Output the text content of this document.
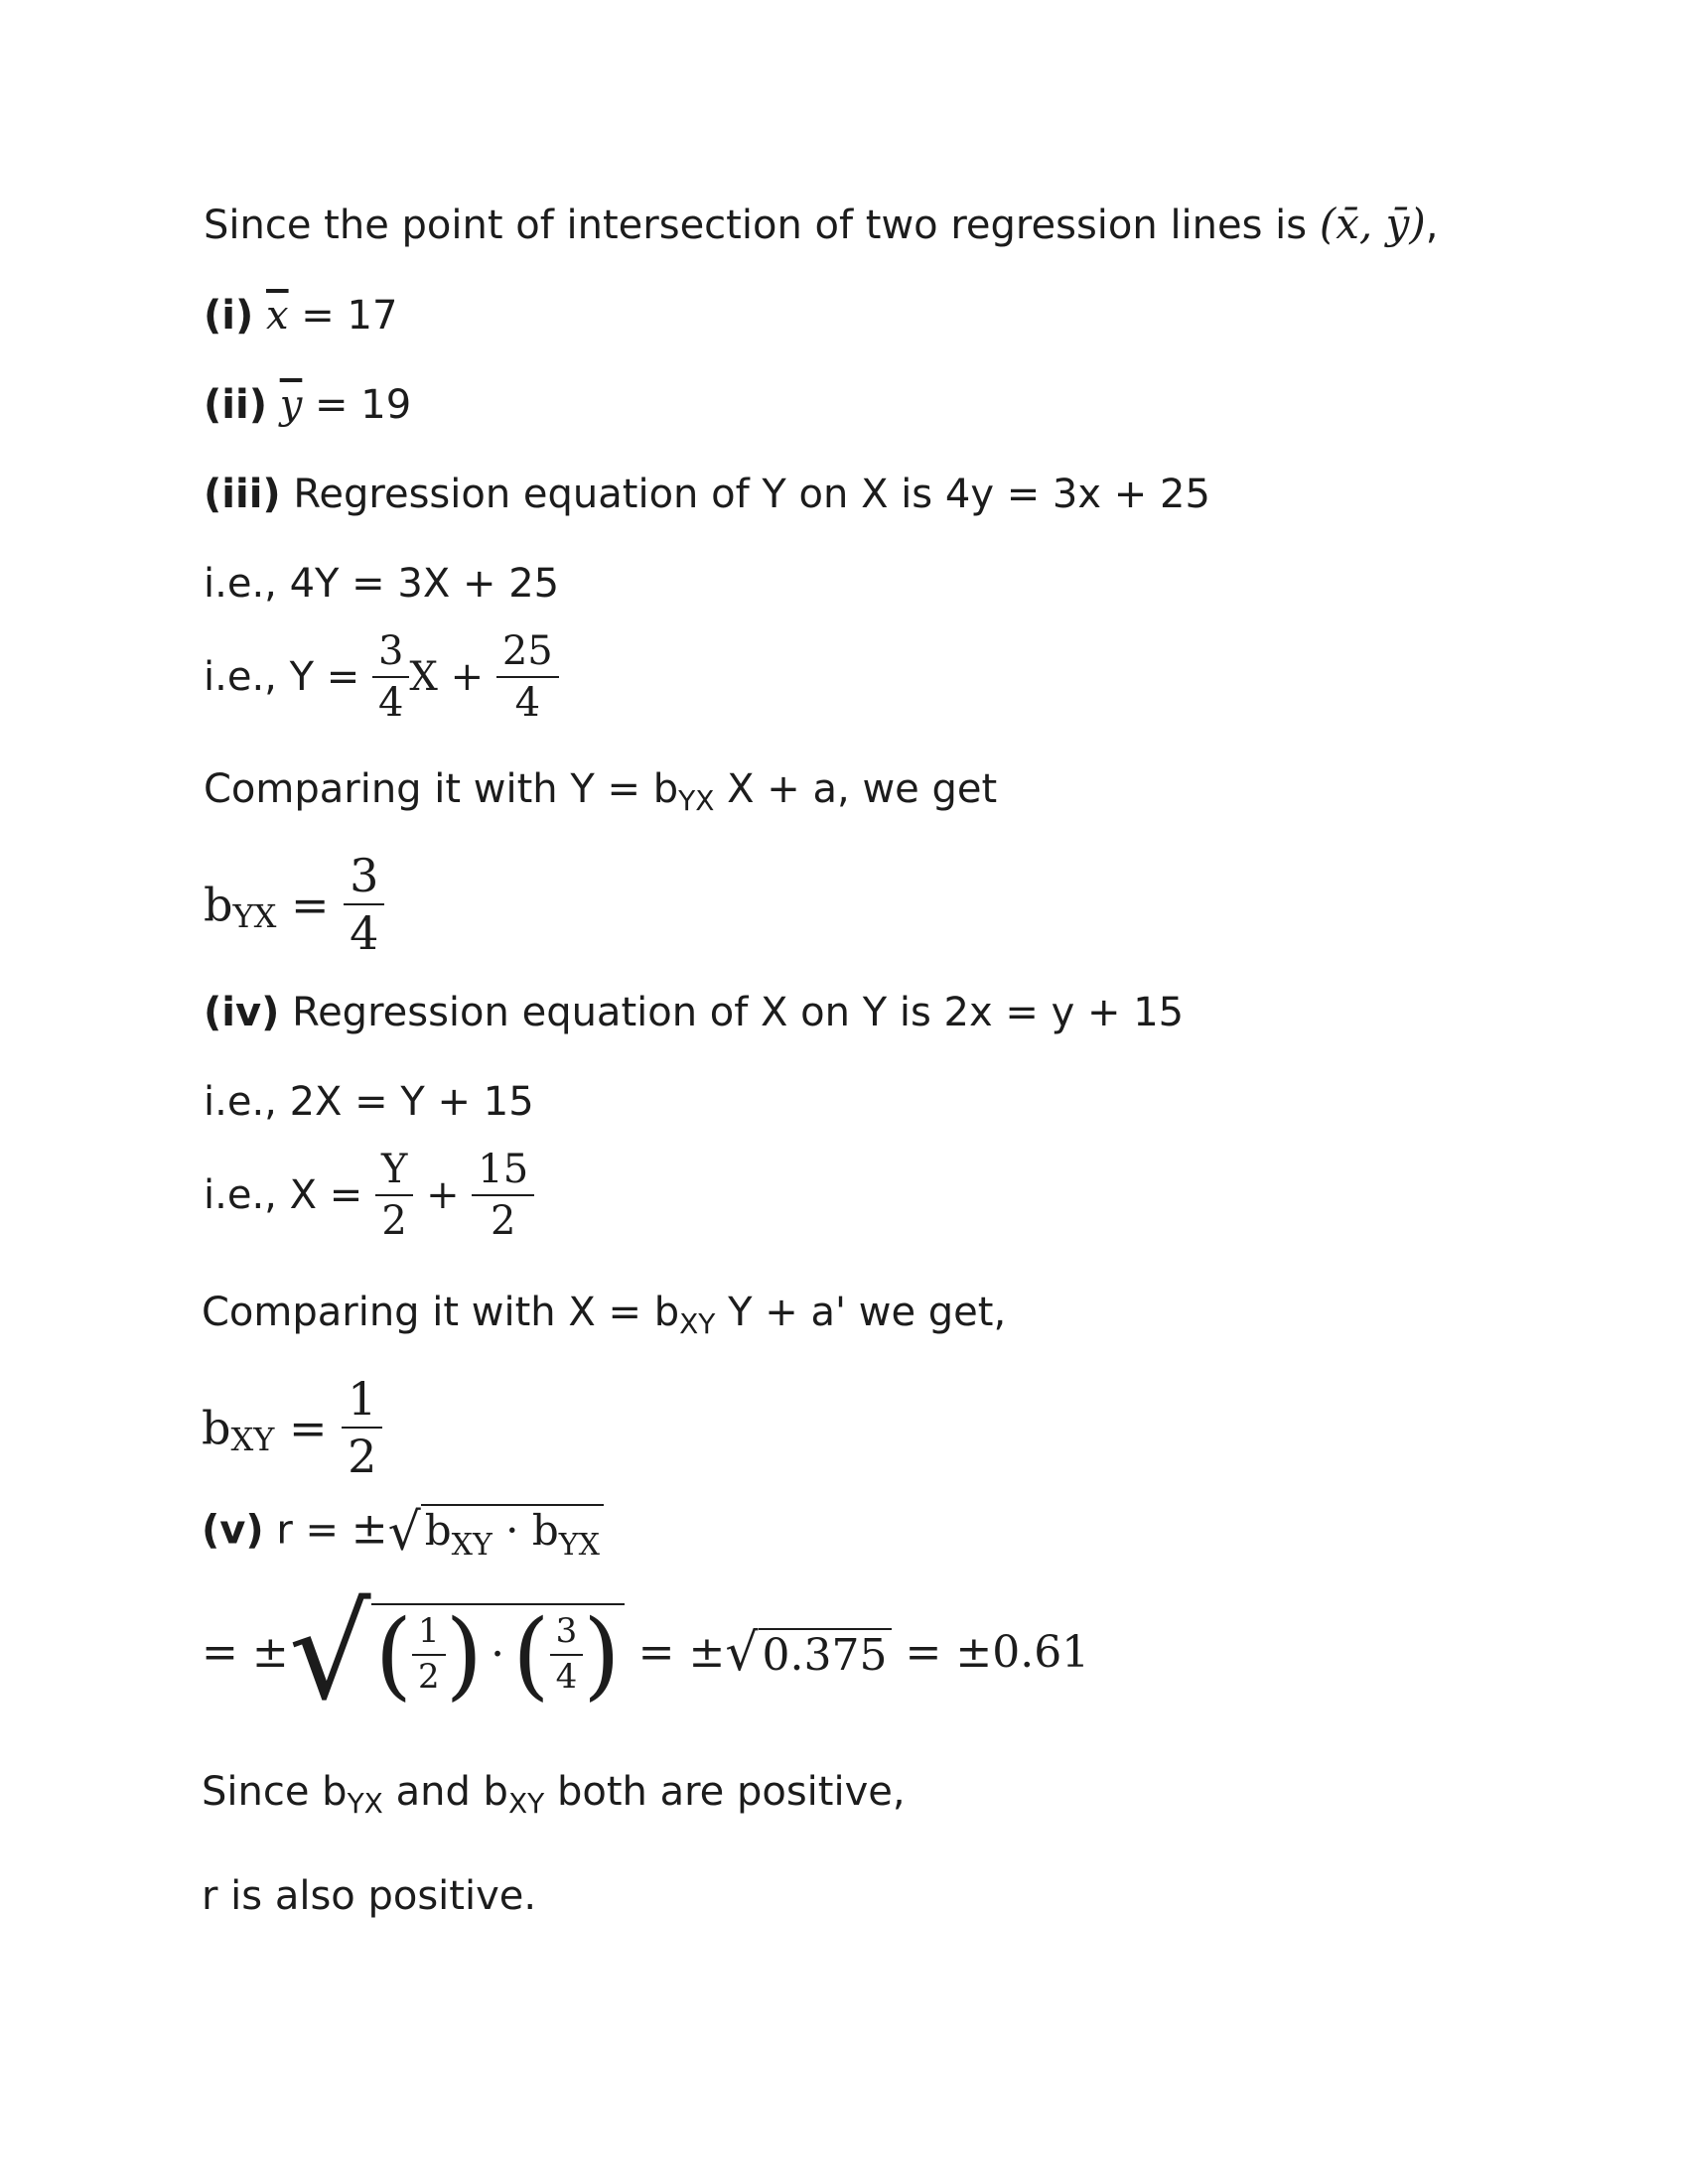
Since the point of intersection of two regression lines is (x̄, ȳ),
(i) $\overline{x} = 17$
(ii) $\overline{y} = 19$
(iii) Regression equation of Y on X is 4y = 3x + 25
i.e., 4Y = 3X + 25
i.e., $Y = \frac{3}{4}$ $X + \frac{25}{4}$
Comparing it with $Y = b_{YX}$ X + a, we get
$b_{YX} = \frac{3}{4}$
(iv) Regression equation of X on Y is 2x = y + 15
i.e., 2X = Y + 15
i.e., $X = \frac{Y}{2} + \frac{15}{2}$
Comparing it with $X = b_{XY}$ Y + a' we get,
$b_{XY} = \frac{1}{2}$
(v) $r = \pm√b_{XY} \cdot b_{YX}$
= ±√( $\frac{1}{2}$ ) ·( $\frac{3}{4}$ ) = ±√0.375 = ±0.61
Since $b_{YX}$ and $b_{XY}$ both are positive,
r is also positive.
